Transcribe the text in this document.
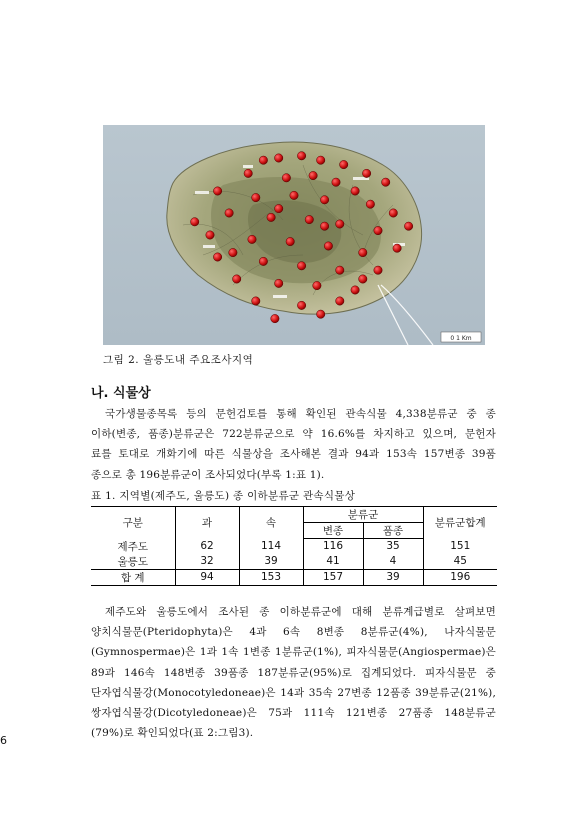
0 1 Km
그림 2. 울릉도내 주요조사지역
나. 식물상
국가생물종목록 등의 문헌검토를 통해 확인된 관속식물 4,338분류군 중 종
이하(변종, 품종)분류군은 722분류군으로 약 16.6%를 차지하고 있으며, 문헌자
료를 토대로 개화기에 따른 식물상을 조사해본 결과 94과 153속 157변종 39품
종으로 총 196분류군이 조사되었다(부록 1:표 1).
표 1. 지역별(제주도, 울릉도) 종 이하분류군 관속식물상
구분	과	속	분류군		분류군합계
			변종	품종	
제주도	62	114	116	35	151
울릉도	32	39	41	4	45
합 계	94	153	157	39	196
제주도와 울릉도에서 조사된 종 이하분류군에 대해 분류계급별로 살펴보면
양치식물문(Pteridophyta)은 4과 6속 8변종 8분류군(4%), 나자식물문
(Gymnospermae)은 1과 1속 1변종 1분류군(1%), 피자식물문(Angiospermae)은
89과 146속 148변종 39품종 187분류군(95%)로 집계되었다. 피자식물문 중
단자엽식물강(Monocotyledoneae)은 14과 35속 27변종 12품종 39분류군(21%),
쌍자엽식물강(Dicotyledoneae)은 75과 111속 121변종 27품종 148분류군
(79%)로 확인되었다(표 2:그림3).
6
